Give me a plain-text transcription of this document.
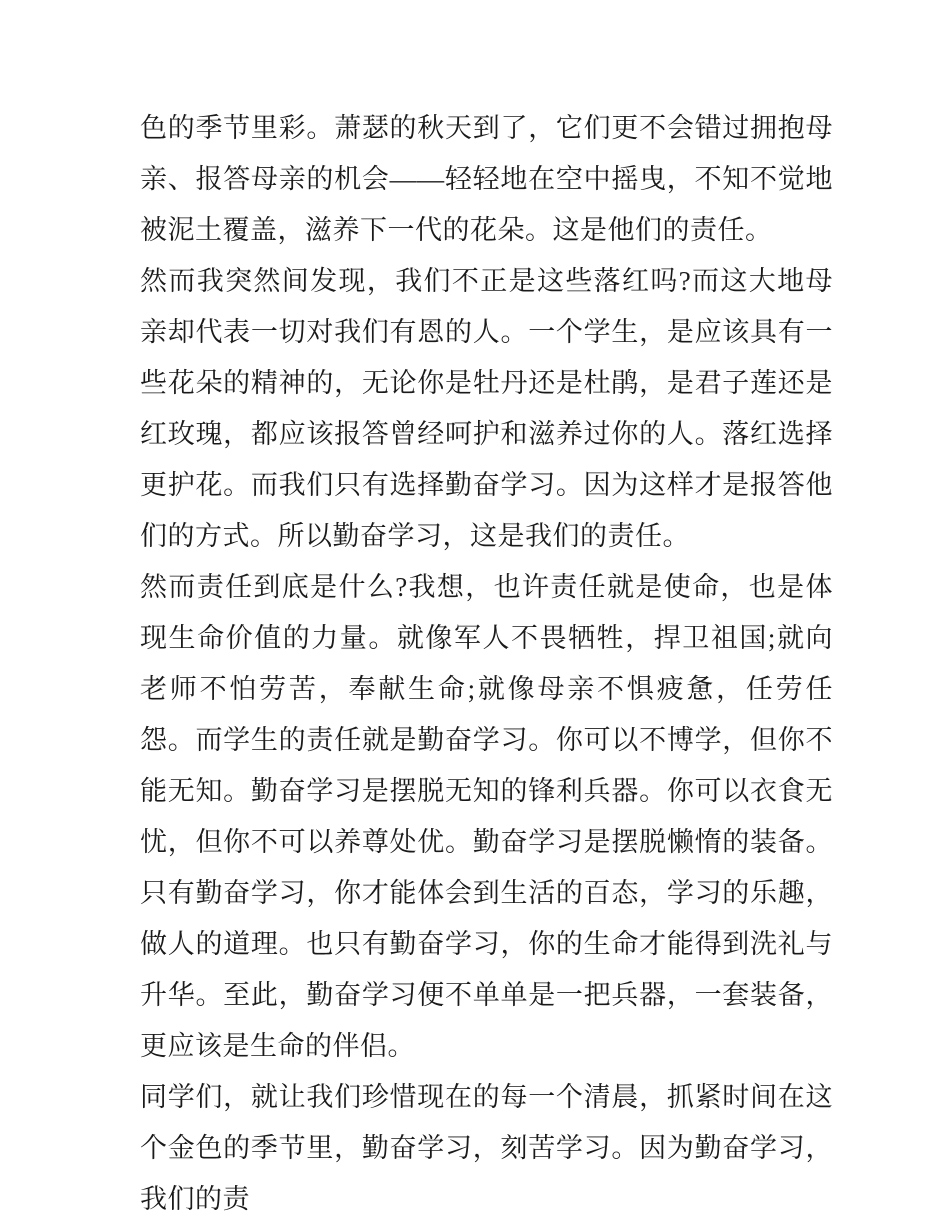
色的季节里彩。萧瑟的秋天到了，它们更不会错过拥抱母亲、报答母亲的机会——轻轻地在空中摇曳，不知不觉地被泥土覆盖，滋养下一代的花朵。这是他们的责任。

然而我突然间发现，我们不正是这些落红吗?而这大地母亲却代表一切对我们有恩的人。一个学生，是应该具有一些花朵的精神的，无论你是牡丹还是杜鹃，是君子莲还是红玫瑰，都应该报答曾经呵护和滋养过你的人。落红选择更护花。而我们只有选择勤奋学习。因为这样才是报答他们的方式。所以勤奋学习，这是我们的责任。

然而责任到底是什么?我想，也许责任就是使命，也是体现生命价值的力量。就像军人不畏牺牲，捍卫祖国;就向老师不怕劳苦，奉献生命;就像母亲不惧疲惫，任劳任怨。而学生的责任就是勤奋学习。你可以不博学，但你不能无知。勤奋学习是摆脱无知的锋利兵器。你可以衣食无忧，但你不可以养尊处优。勤奋学习是摆脱懒惰的装备。只有勤奋学习，你才能体会到生活的百态，学习的乐趣，做人的道理。也只有勤奋学习，你的生命才能得到洗礼与升华。至此，勤奋学习便不单单是一把兵器，一套装备，更应该是生命的伴侣。

同学们，就让我们珍惜现在的每一个清晨，抓紧时间在这个金色的季节里，勤奋学习，刻苦学习。因为勤奋学习，我们的责
